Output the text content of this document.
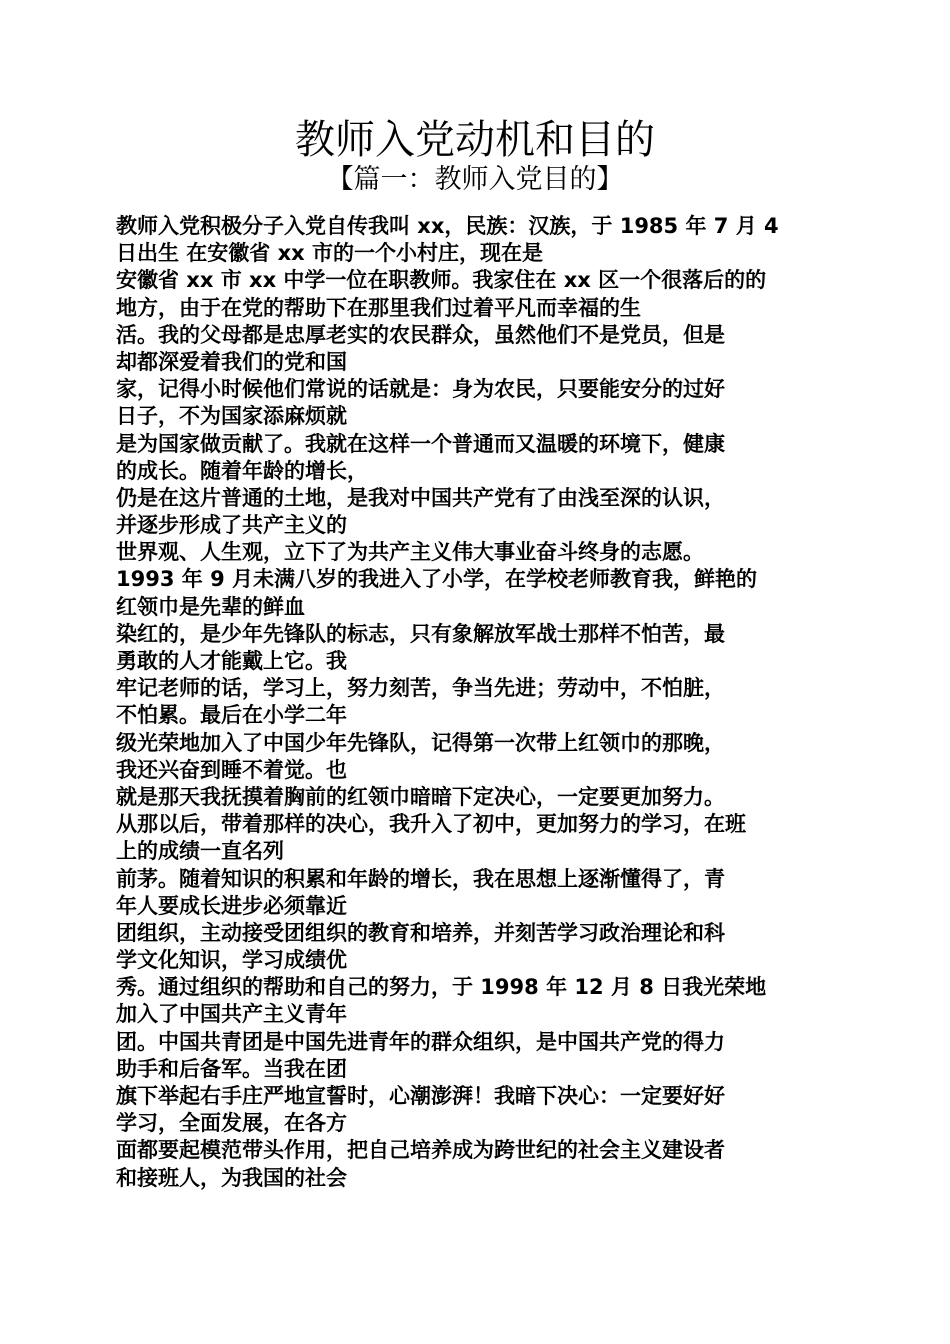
教师入党动机和目的
【篇一：教师入党目的】
教师入党积极分子入党自传我叫 xx，民族：汉族，于 1985 年 7 月 4
日出生 在安徽省 xx 市的一个小村庄，现在是
安徽省 xx 市 xx 中学一位在职教师。我家住在 xx 区一个很落后的的
地方，由于在党的帮助下在那里我们过着平凡而幸福的生
活。我的父母都是忠厚老实的农民群众，虽然他们不是党员，但是
却都深爱着我们的党和国
家，记得小时候他们常说的话就是：身为农民，只要能安分的过好
日子，不为国家添麻烦就
是为国家做贡献了。我就在这样一个普通而又温暖的环境下，健康
的成长。随着年龄的增长，
仍是在这片普通的土地，是我对中国共产党有了由浅至深的认识，
并逐步形成了共产主义的
世界观、人生观，立下了为共产主义伟大事业奋斗终身的志愿。
1993 年 9 月未满八岁的我进入了小学，在学校老师教育我，鲜艳的
红领巾是先辈的鲜血
染红的，是少年先锋队的标志，只有象解放军战士那样不怕苦，最
勇敢的人才能戴上它。我
牢记老师的话，学习上，努力刻苦，争当先进；劳动中，不怕脏，
不怕累。最后在小学二年
级光荣地加入了中国少年先锋队，记得第一次带上红领巾的那晚，
我还兴奋到睡不着觉。也
就是那天我抚摸着胸前的红领巾暗暗下定决心，一定要更加努力。
从那以后，带着那样的决心，我升入了初中，更加努力的学习，在班
上的成绩一直名列
前茅。随着知识的积累和年龄的增长，我在思想上逐渐懂得了，青
年人要成长进步必须靠近
团组织，主动接受团组织的教育和培养，并刻苦学习政治理论和科
学文化知识，学习成绩优
秀。通过组织的帮助和自己的努力，于 1998 年 12 月 8 日我光荣地
加入了中国共产主义青年
团。中国共青团是中国先进青年的群众组织，是中国共产党的得力
助手和后备军。当我在团
旗下举起右手庄严地宣誓时，心潮澎湃！我暗下决心：一定要好好
学习，全面发展，在各方
面都要起模范带头作用，把自己培养成为跨世纪的社会主义建设者
和接班人，为我国的社会
